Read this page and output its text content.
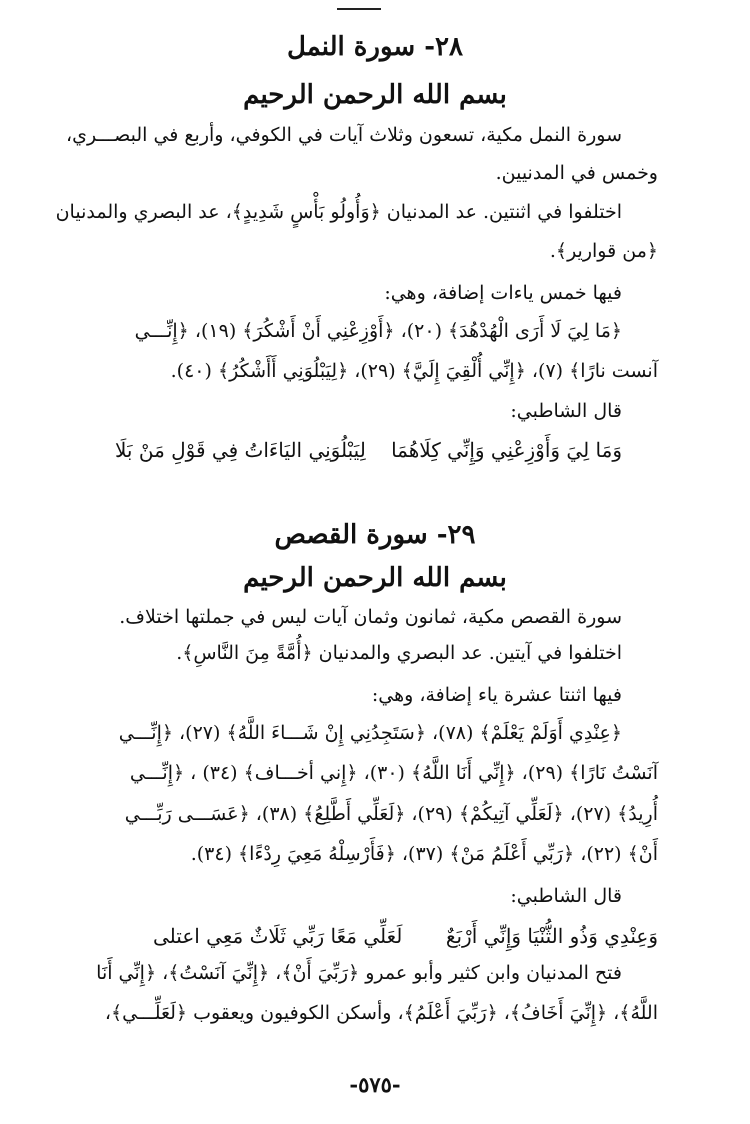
٢٨- سورة النمل
بسم الله الرحمن الرحيم
سورة النمل مكية، تسعون وثلاث آيات في الكوفي، وأربع في البصـــري،
وخمس في المدنيين.
اختلفوا في اثنتين. عد المدنيان ﴿وَأُولُو بَأْسٍ شَدِيدٍ﴾، عد البصري والمدنيان
﴿من قوارير﴾.
فيها خمس ياءات إضافة، وهي:
﴿مَا لِيَ لَا أَرَى الْهُدْهُدَ﴾ (٢٠)، ﴿أَوْزِعْنِي أَنْ أَشْكُرَ﴾ (١٩)، ﴿إِنِّـــي
آنست نارًا﴾ (٧)، ﴿إِنِّي أُلْقِيَ إِلَيَّ﴾ (٢٩)، ﴿لِيَبْلُوَنِي أَأَشْكُرُ﴾ (٤٠).
قال الشاطبي:
وَمَا لِيَ وَأَوْزِعْنِي وَإِنِّي كِلَاهُمَا
لِيَبْلُوَنِي اليَاءَاتُ فِي قَوْلِ مَنْ بَلَا
٢٩- سورة القصص
بسم الله الرحمن الرحيم
سورة القصص مكية، ثمانون وثمان آيات ليس في جملتها اختلاف.
اختلفوا في آيتين. عد البصري والمدنيان ﴿أُمَّةً مِنَ النَّاسِ﴾.
فيها اثنتا عشرة ياء إضافة، وهي:
﴿عِنْدِي أَوَلَمْ يَعْلَمْ﴾ (٧٨)، ﴿سَتَجِدُنِي إِنْ شَـــاءَ اللَّهُ﴾ (٢٧)، ﴿إِنِّـــي
آنَسْتُ نَارًا﴾ (٢٩)، ﴿إِنِّي أَنَا اللَّهُ﴾ (٣٠)، ﴿إِني أخـــاف﴾ (٣٤) ، ﴿إِنِّـــي
أُرِيدُ﴾ (٢٧)، ﴿لَعَلِّي آتِيكُمْ﴾ (٢٩)، ﴿لَعَلِّي أَطَّلِعُ﴾ (٣٨)، ﴿عَسَـــى رَبِّـــي
أَنْ﴾ (٢٢)، ﴿رَبِّي أَعْلَمُ مَنْ﴾ (٣٧)، ﴿فَأَرْسِلْهُ مَعِيَ رِدْءًا﴾ (٣٤).
قال الشاطبي:
وَعِنْدِي وَذُو الثُّنْيَا وَإِنِّي أَرْبَعٌ
لَعَلِّي مَعًا رَبِّي ثَلَاثٌ مَعِي اعتلى
فتح المدنيان وابن كثير وأبو عمرو ﴿رَبِّيَ أَنْ﴾، ﴿إِنِّيَ آنَسْتُ﴾، ﴿إِنِّي أَنَا
اللَّهُ﴾، ﴿إِنِّيَ أَخَافُ﴾، ﴿رَبِّيَ أَعْلَمُ﴾، وأسكن الكوفيون ويعقوب ﴿لَعَلِّـــي﴾،
-٥٧٥-
